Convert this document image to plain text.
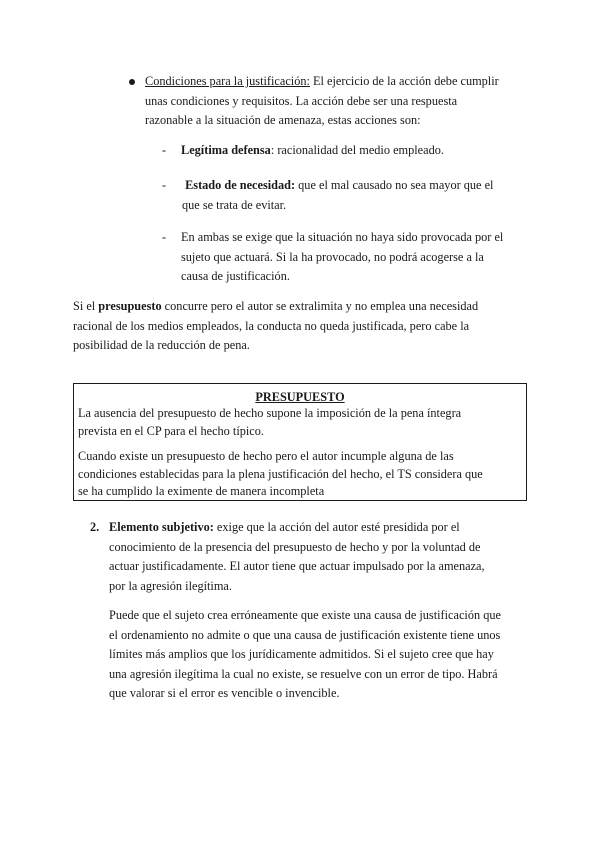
Condiciones para la justificación: El ejercicio de la acción debe cumplir
unas condiciones y requisitos. La acción debe ser una respuesta
razonable a la situación de amenaza, estas acciones son:
- Legítima defensa: racionalidad del medio empleado.
- Estado de necesidad: que el mal causado no sea mayor que el
que se trata de evitar.
- En ambas se exige que la situación no haya sido provocada por el
sujeto que actuará. Si la ha provocado, no podrá acogerse a la
causa de justificación.
Si el presupuesto concurre pero el autor se extralimita y no emplea una necesidad
racional de los medios empleados, la conducta no queda justificada, pero cabe la
posibilidad de la reducción de pena.
PRESUPUESTO
La ausencia del presupuesto de hecho supone la imposición de la pena íntegra
prevista en el CP para el hecho típico.
Cuando existe un presupuesto de hecho pero el autor incumple alguna de las
condiciones establecidas para la plena justificación del hecho, el TS considera que
se ha cumplido la eximente de manera incompleta
2. Elemento subjetivo: exige que la acción del autor esté presidida por el
conocimiento de la presencia del presupuesto de hecho y por la voluntad de
actuar justificadamente. El autor tiene que actuar impulsado por la amenaza,
por la agresión ilegítima.
Puede que el sujeto crea erróneamente que existe una causa de justificación que
el ordenamiento no admite o que una causa de justificación existente tiene unos
límites más amplios que los jurídicamente admitidos. Si el sujeto cree que hay
una agresión ilegítima la cual no existe, se resuelve con un error de tipo. Habrá
que valorar si el error es vencible o invencible.
